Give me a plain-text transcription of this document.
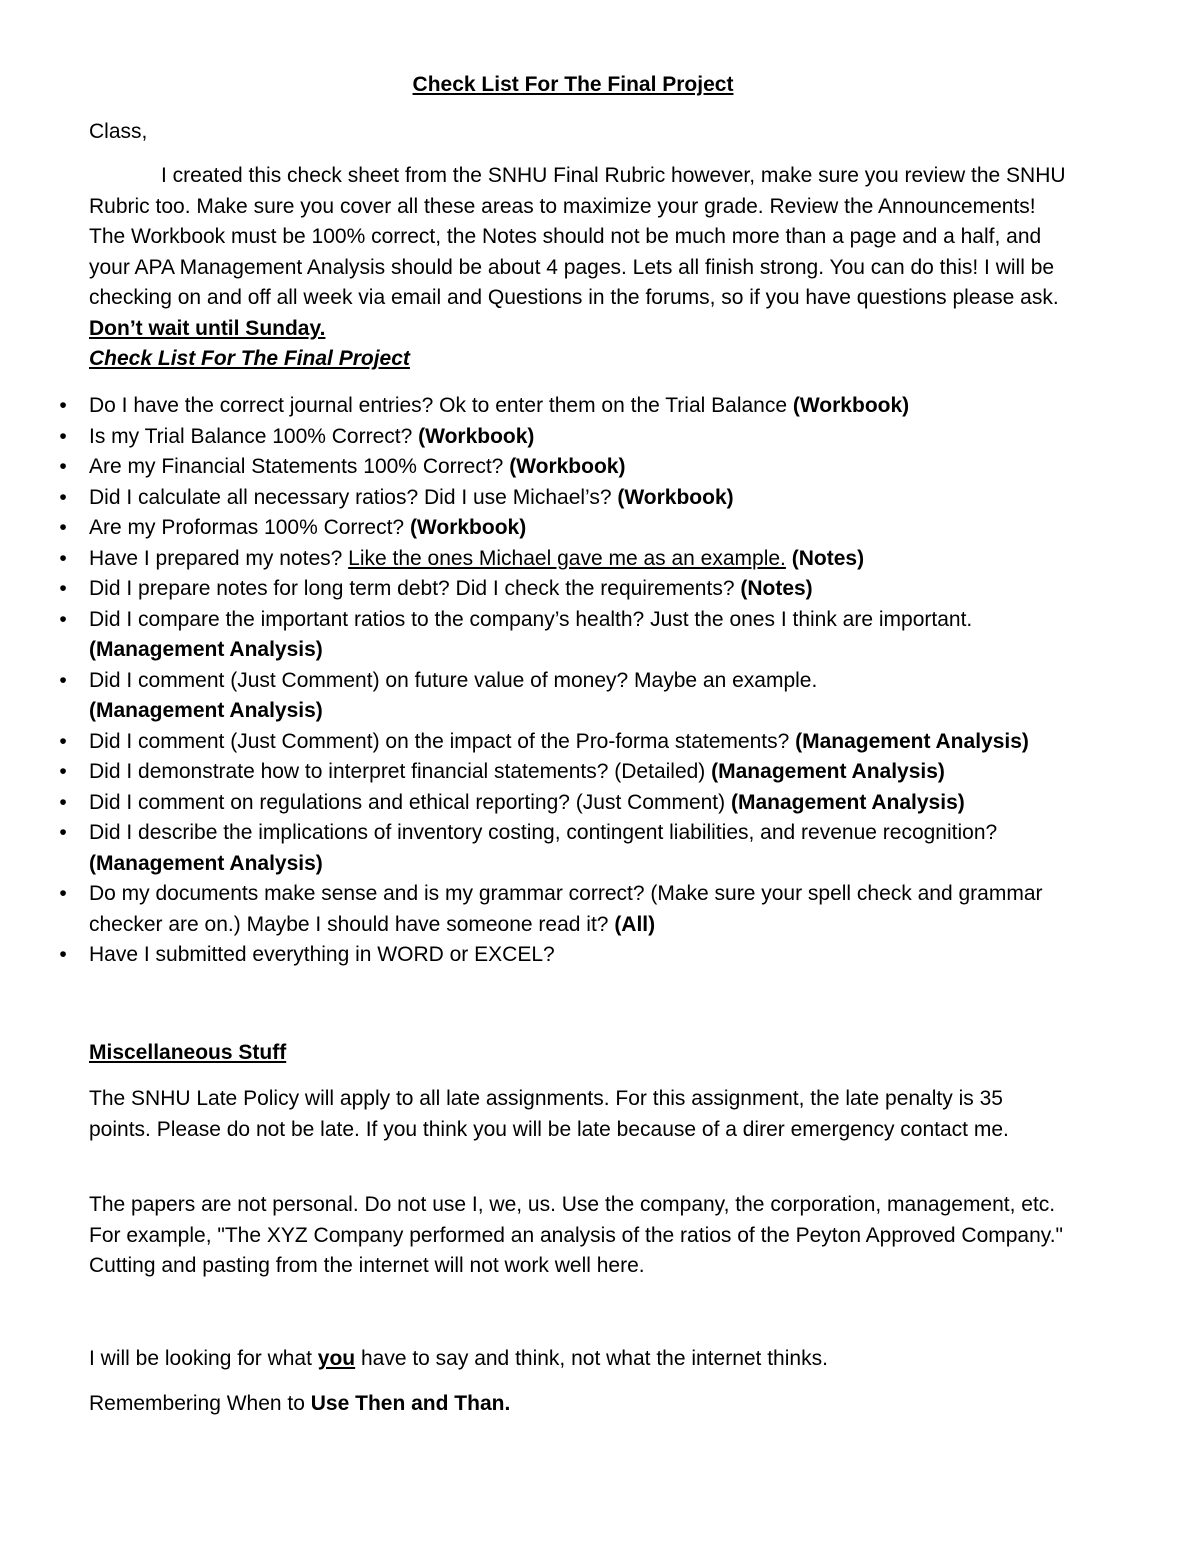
Check List For The Final Project
Class,
I created this check sheet from the SNHU Final Rubric however, make sure you review the SNHU Rubric too. Make sure you cover all these areas to maximize your grade. Review the Announcements! The Workbook must be 100% correct, the Notes should not be much more than a page and a half, and your APA Management Analysis should be about 4 pages. Lets all finish strong. You can do this! I will be checking on and off all week via email and Questions in the forums, so if you have questions please ask. Don’t wait until Sunday.
Check List For The Final Project
• Do I have the correct journal entries? Ok to enter them on the Trial Balance (Workbook)
• Is my Trial Balance 100% Correct? (Workbook)
• Are my Financial Statements 100% Correct? (Workbook)
• Did I calculate all necessary ratios? Did I use Michael’s? (Workbook)
• Are my Proformas 100% Correct? (Workbook)
• Have I prepared my notes? Like the ones Michael gave me as an example. (Notes)
• Did I prepare notes for long term debt? Did I check the requirements? (Notes)
• Did I compare the important ratios to the company’s health? Just the ones I think are important. (Management Analysis)
• Did I comment (Just Comment) on future value of money? Maybe an example.
(Management Analysis)
• Did I comment (Just Comment) on the impact of the Pro-forma statements? (Management Analysis)
• Did I demonstrate how to interpret financial statements? (Detailed) (Management Analysis)
• Did I comment on regulations and ethical reporting? (Just Comment) (Management Analysis)
• Did I describe the implications of inventory costing, contingent liabilities, and revenue recognition? (Management Analysis)
• Do my documents make sense and is my grammar correct? (Make sure your spell check and grammar checker are on.) Maybe I should have someone read it? (All)
• Have I submitted everything in WORD or EXCEL?
Miscellaneous Stuff
The SNHU Late Policy will apply to all late assignments. For this assignment, the late penalty is 35 points. Please do not be late. If you think you will be late because of a direr emergency contact me.
The papers are not personal. Do not use I, we, us. Use the company, the corporation, management, etc. For example, "The XYZ Company performed an analysis of the ratios of the Peyton Approved Company." Cutting and pasting from the internet will not work well here.
I will be looking for what you have to say and think, not what the internet thinks.
Remembering When to Use Then and Than.
